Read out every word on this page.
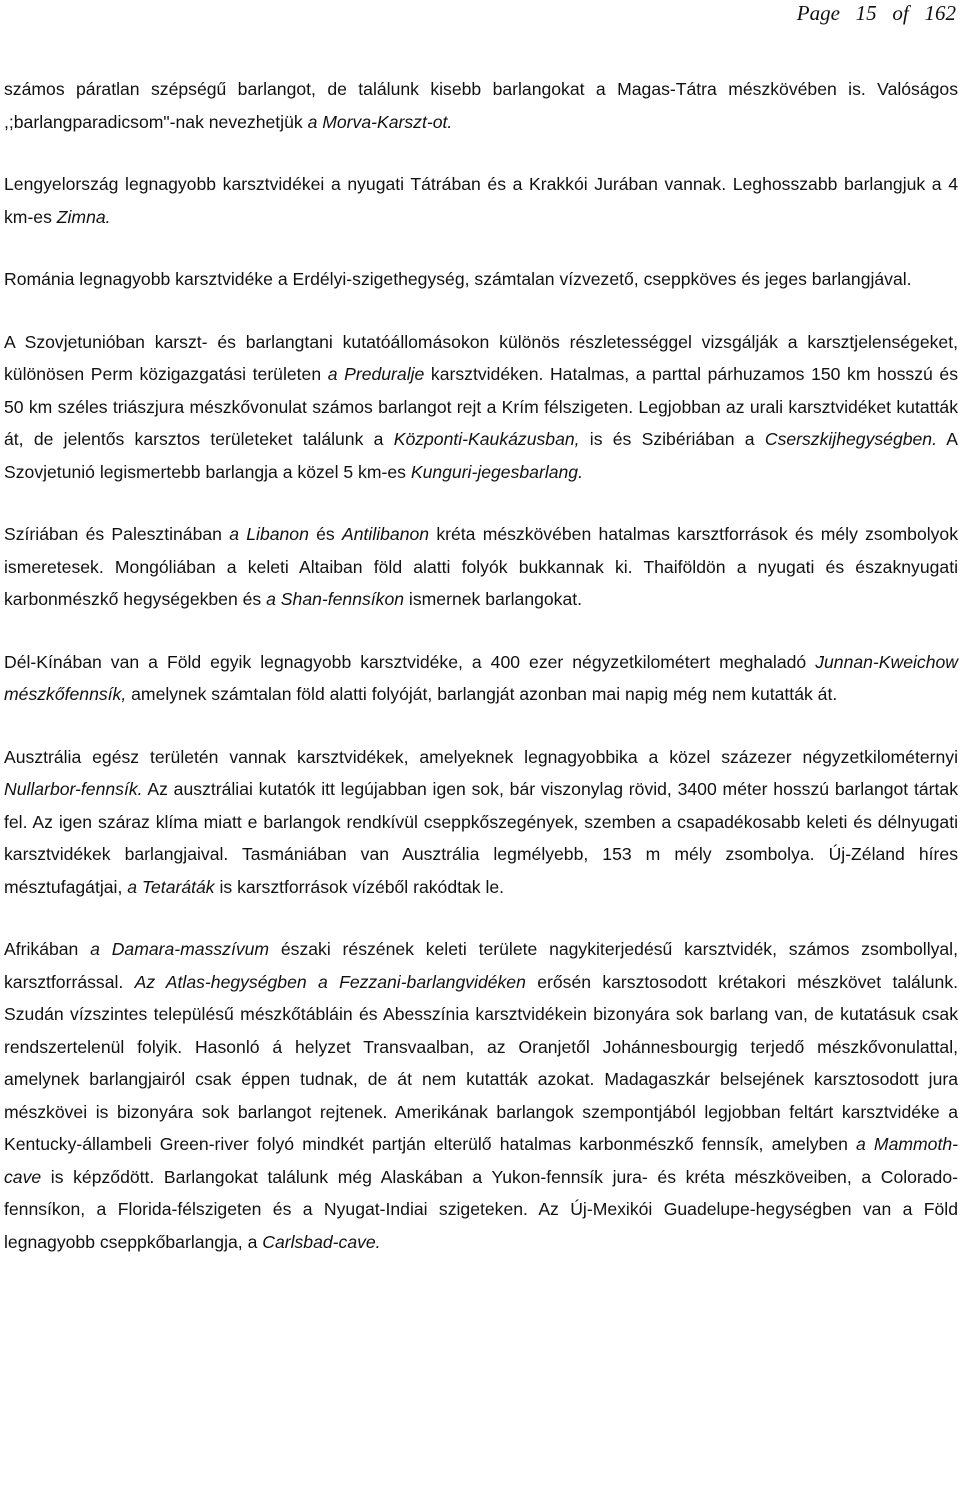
Page 15 of 162

számos páratlan szépségű barlangot, de találunk kisebb barlangokat a Magas-Tátra mészkövében is. Valóságos ,;barlangparadicsom"-nak nevezhetjük a Morva-Karszt-ot.

Lengyelország legnagyobb karsztvidékei a nyugati Tátrában és a Krakkói Jurában vannak. Leghosszabb barlangjuk a 4 km-es Zimna.

Románia legnagyobb karsztvidéke a Erdélyi-szigethegység, számtalan vízvezető, cseppköves és jeges barlangjával.

A Szovjetunióban karszt- és barlangtani kutatóállomásokon különös részletességgel vizsgálják a karsztjelenségeket, különösen Perm közigazgatási területen a Preduralje karsztvidéken. Hatalmas, a parttal párhuzamos 150 km hosszú és 50 km széles triászjura mészkővonulat számos barlangot rejt a Krím félszigeten. Legjobban az urali karsztvidéket kutatták át, de jelentős karsztos területeket találunk a Központi-Kaukázusban, is és Szibériában a Cserszkijhegységben. A Szovjetunió legismertebb barlangja a közel 5 km-es Kunguri-jegesbarlang.

Szíriában és Palesztinában a Libanon és Antilibanon kréta mészkövében hatalmas karsztforrások és mély zsombolyok ismeretesek. Mongóliában a keleti Altaiban föld alatti folyók bukkannak ki. Thaiföldön a nyugati és északnyugati karbonmészkő hegységekben és a Shan-fennsíkon ismernek barlangokat.

Dél-Kínában van a Föld egyik legnagyobb karsztvidéke, a 400 ezer négyzetkilométert meghaladó Junnan-Kweichow mészkőfennsík, amelynek számtalan föld alatti folyóját, barlangját azonban mai napig még nem kutatták át.

Ausztrália egész területén vannak karsztvidékek, amelyeknek legnagyobbika a közel százezer négyzetkilométernyi Nullarbor-fennsík. Az ausztráliai kutatók itt legújabban igen sok, bár viszonylag rövid, 3400 méter hosszú barlangot tártak fel. Az igen száraz klíma miatt e barlangok rendkívül cseppkőszegények, szemben a csapadékosabb keleti és délnyugati karsztvidékek barlangjaival. Tasmániában van Ausztrália legmélyebb, 153 m mély zsombolya. Új-Zéland híres mésztufagátjai, a Tetaráták is karsztforrások vízéből rakódtak le.

Afrikában a Damara-masszívum északi részének keleti területe nagykiterjedésű karsztvidék, számos zsombollyal, karsztforrással. Az Atlas-hegységben a Fezzani-barlangvidéken erősén karsztosodott krétakori mészkövet találunk. Szudán vízszintes településű mészkőtábláin és Abesszínia karsztvidékein bizonyára sok barlang van, de kutatásuk csak rendszertelenül folyik. Hasonló á helyzet Transvaalban, az Oranjetől Johánnesbourgig terjedő mészkővonulattal, amelynek barlangjairól csak éppen tudnak, de át nem kutatták azokat. Madagaszkár belsejének karsztosodott jura mészkövei is bizonyára sok barlangot rejtenek. Amerikának barlangok szempontjából legjobban feltárt karsztvidéke a Kentucky-állambeli Green-river folyó mindkét partján elterülő hatalmas karbonmészkő fennsík, amelyben a Mammoth-cave is képződött. Barlangokat találunk még Alaskában a Yukon-fennsík jura- és kréta mészköveiben, a Colorado-fennsíkon, a Florida-félszigeten és a Nyugat-Indiai szigeteken. Az Új-Mexikói Guadelupe-hegységben van a Föld legnagyobb cseppkőbarlangja, a Carlsbad-cave.
